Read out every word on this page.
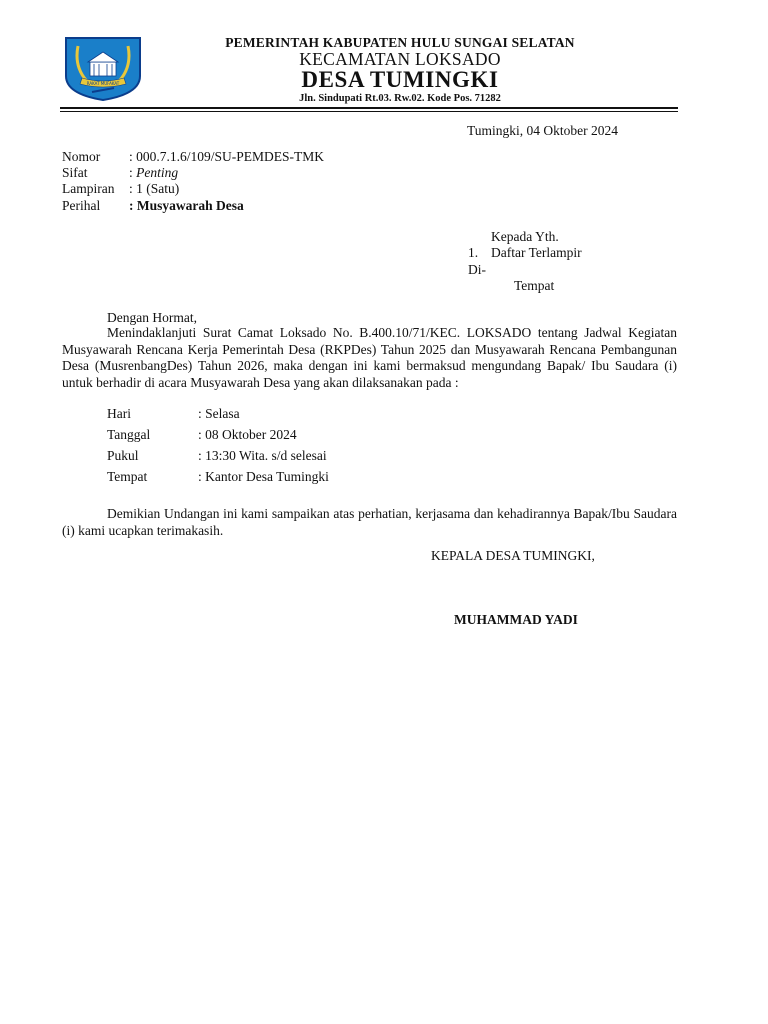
RAKAT MUFAKAT
PEMERINTAH KABUPATEN HULU SUNGAI SELATAN
KECAMATAN LOKSADO
DESA TUMINGKI
Jln. Sindupati Rt.03. Rw.02. Kode Pos. 71282
Tumingki, 04 Oktober 2024
Nomor : 000.7.1.6/109/SU-PEMDES-TMK
Sifat	: Penting
Lampiran : 1 (Satu)
Perihal : Musyawarah Desa
Kepada Yth.
1. Daftar Terlampir
Di-
Tempat
Dengan Hormat,
Menindaklanjuti Surat Camat Loksado No. B.400.10/71/KEC. LOKSADO tentang Jadwal Kegiatan Musyawarah Rencana Kerja Pemerintah Desa (RKPDes) Tahun 2025 dan Musyawarah Rencana Pembangunan Desa (MusrenbangDes) Tahun 2026, maka dengan ini kami bermaksud mengundang Bapak/ Ibu Saudara (i) untuk berhadir di acara Musyawarah Desa yang akan dilaksanakan pada :
Hari	: Selasa
Tanggal	: 08 Oktober 2024
Pukul	: 13:30 Wita. s/d selesai
Tempat	: Kantor Desa Tumingki
Demikian Undangan ini kami sampaikan atas perhatian, kerjasama dan kehadirannya Bapak/Ibu Saudara (i) kami ucapkan terimakasih.
KEPALA DESA TUMINGKI,
MUHAMMAD YADI
